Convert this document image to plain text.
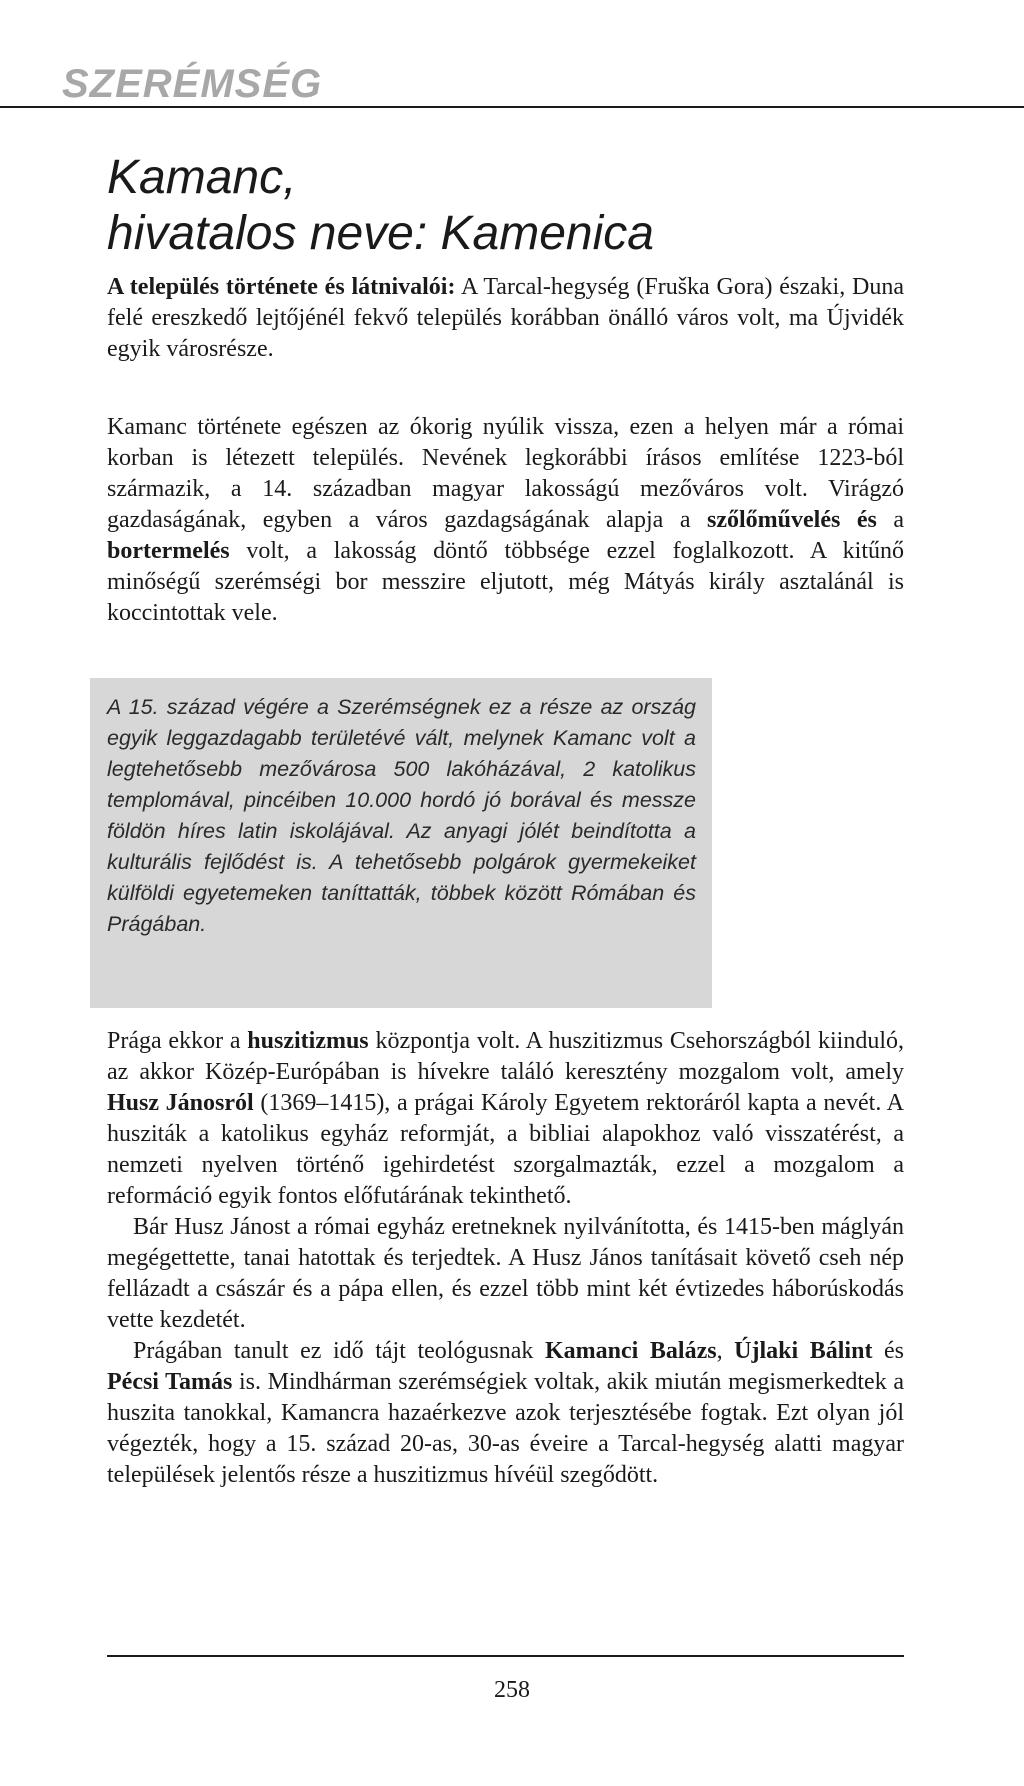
SZERÉMSÉG
Kamanc,
hivatalos neve: Kamenica

A település története és látnivalói: A Tarcal-hegység (Fruška Gora) északi, Duna felé ereszkedő lejtőjénél fekvő település korábban önálló város volt, ma Újvidék egyik városrésze.

Kamanc története egészen az ókorig nyúlik vissza, ezen a helyen már a római korban is létezett település. Nevének legkorábbi írásos említése 1223-ból származik, a 14. században magyar lakosságú mezőváros volt. Virágzó gazdaságának, egyben a város gazdagságának alapja a szőlőművelés és a bortermelés volt, a lakosság döntő többsége ezzel foglalkozott. A kitűnő minőségű szerémségi bor messzire eljutott, még Mátyás király asztalánál is koccintottak vele.

A 15. század végére a Szerémségnek ez a része az ország egyik leggazdagabb területévé vált, melynek Kamanc volt a legtehetősebb mezővárosa 500 lakóházával, 2 katolikus templomával, pincéiben 10.000 hordó jó borával és messze földön híres latin iskolájával. Az anyagi jólét beindította a kulturális fejlődést is. A tehetősebb polgárok gyermekeiket külföldi egyetemeken taníttatták, többek között Rómában és Prágában.

Prága ekkor a huszitizmus központja volt. A huszitizmus Csehországból kiinduló, az akkor Közép-Európában is hívekre találó keresztény mozgalom volt, amely Husz Jánosról (1369–1415), a prágai Károly Egyetem rektoráról kapta a nevét. A husziták a katolikus egyház reformját, a bibliai alapokhoz való visszatérést, a nemzeti nyelven történő igehirdetést szorgalmazták, ezzel a mozgalom a reformáció egyik fontos előfutárának tekinthető.

Bár Husz Jánost a római egyház eretneknek nyilvánította, és 1415-ben máglyán megégettette, tanai hatottak és terjedtek. A Husz János tanításait követő cseh nép fellázadt a császár és a pápa ellen, és ezzel több mint két évtizedes háborúskodás vette kezdetét.

Prágában tanult ez idő tájt teológusnak Kamanci Balázs, Újlaki Bálint és Pécsi Tamás is. Mindhárman szerémségiek voltak, akik miután megismerkedtek a huszita tanokkal, Kamancra hazaérkezve azok terjesztésébe fogtak. Ezt olyan jól végezték, hogy a 15. század 20-as, 30-as éveire a Tarcal-hegység alatti magyar települések jelentős része a huszitizmus hívéül szegődött.

258
